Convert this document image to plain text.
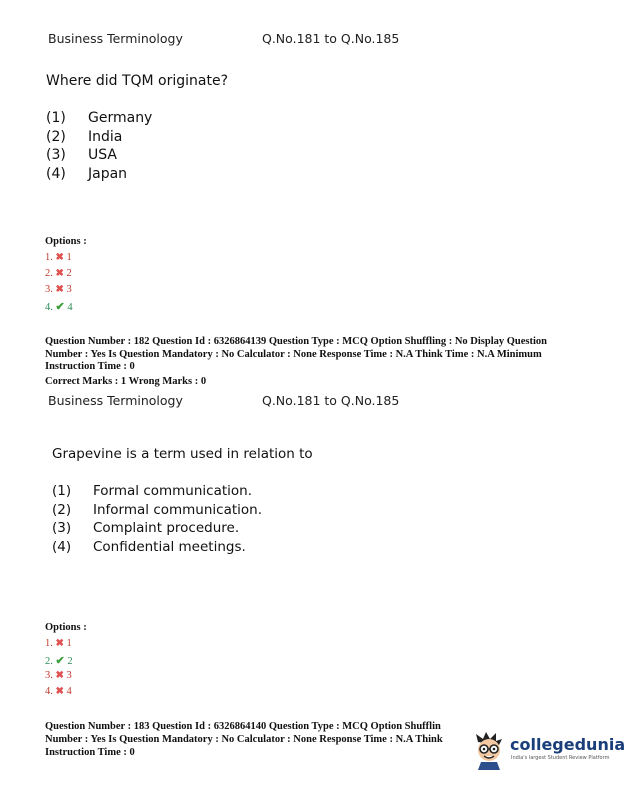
Business Terminology	Q.No.181 to Q.No.185
Where did TQM originate?
(1) Germany
(2) India
(3) USA
(4) Japan
Options :
1. ✖ 1
2. ✖ 2
3. ✖ 3
4. ✔ 4
Question Number : 182 Question Id : 6326864139 Question Type : MCQ Option Shuffling : No Display Question Number : Yes Is Question Mandatory : No Calculator : None Response Time : N.A Think Time : N.A Minimum Instruction Time : 0
Correct Marks : 1 Wrong Marks : 0
Business Terminology	Q.No.181 to Q.No.185
Grapevine is a term used in relation to
(1) Formal communication.
(2) Informal communication.
(3) Complaint procedure.
(4) Confidential meetings.
Options :
1. ✖ 1
2. ✔ 2
3. ✖ 3
4. ✖ 4
Question Number : 183 Question Id : 6326864140 Question Type : MCQ Option Shufflin
Number : Yes Is Question Mandatory : No Calculator : None Response Time : N.A Think
Instruction Time : 0	collegedunia
India's largest Student Review Platform
